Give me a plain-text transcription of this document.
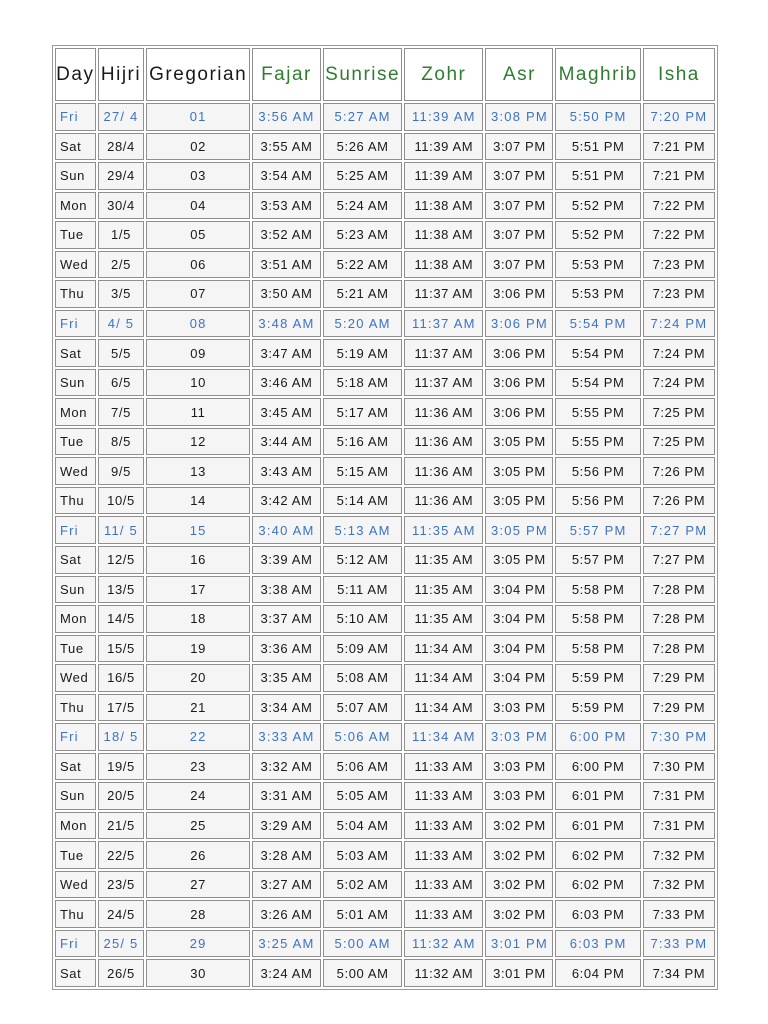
Day	Hijri	Gregorian	Fajar	Sunrise	Zohr	Asr	Maghrib	Isha
Fri	27/ 4	01	3:56 AM	5:27 AM	11:39 AM	3:08 PM	5:50 PM	7:20 PM
Sat	28/4	02	3:55 AM	5:26 AM	11:39 AM	3:07 PM	5:51 PM	7:21 PM
Sun	29/4	03	3:54 AM	5:25 AM	11:39 AM	3:07 PM	5:51 PM	7:21 PM
Mon	30/4	04	3:53 AM	5:24 AM	11:38 AM	3:07 PM	5:52 PM	7:22 PM
Tue	1/5	05	3:52 AM	5:23 AM	11:38 AM	3:07 PM	5:52 PM	7:22 PM
Wed	2/5	06	3:51 AM	5:22 AM	11:38 AM	3:07 PM	5:53 PM	7:23 PM
Thu	3/5	07	3:50 AM	5:21 AM	11:37 AM	3:06 PM	5:53 PM	7:23 PM
Fri	4/ 5	08	3:48 AM	5:20 AM	11:37 AM	3:06 PM	5:54 PM	7:24 PM
Sat	5/5	09	3:47 AM	5:19 AM	11:37 AM	3:06 PM	5:54 PM	7:24 PM
Sun	6/5	10	3:46 AM	5:18 AM	11:37 AM	3:06 PM	5:54 PM	7:24 PM
Mon	7/5	11	3:45 AM	5:17 AM	11:36 AM	3:06 PM	5:55 PM	7:25 PM
Tue	8/5	12	3:44 AM	5:16 AM	11:36 AM	3:05 PM	5:55 PM	7:25 PM
Wed	9/5	13	3:43 AM	5:15 AM	11:36 AM	3:05 PM	5:56 PM	7:26 PM
Thu	10/5	14	3:42 AM	5:14 AM	11:36 AM	3:05 PM	5:56 PM	7:26 PM
Fri	11/ 5	15	3:40 AM	5:13 AM	11:35 AM	3:05 PM	5:57 PM	7:27 PM
Sat	12/5	16	3:39 AM	5:12 AM	11:35 AM	3:05 PM	5:57 PM	7:27 PM
Sun	13/5	17	3:38 AM	5:11 AM	11:35 AM	3:04 PM	5:58 PM	7:28 PM
Mon	14/5	18	3:37 AM	5:10 AM	11:35 AM	3:04 PM	5:58 PM	7:28 PM
Tue	15/5	19	3:36 AM	5:09 AM	11:34 AM	3:04 PM	5:58 PM	7:28 PM
Wed	16/5	20	3:35 AM	5:08 AM	11:34 AM	3:04 PM	5:59 PM	7:29 PM
Thu	17/5	21	3:34 AM	5:07 AM	11:34 AM	3:03 PM	5:59 PM	7:29 PM
Fri	18/ 5	22	3:33 AM	5:06 AM	11:34 AM	3:03 PM	6:00 PM	7:30 PM
Sat	19/5	23	3:32 AM	5:06 AM	11:33 AM	3:03 PM	6:00 PM	7:30 PM
Sun	20/5	24	3:31 AM	5:05 AM	11:33 AM	3:03 PM	6:01 PM	7:31 PM
Mon	21/5	25	3:29 AM	5:04 AM	11:33 AM	3:02 PM	6:01 PM	7:31 PM
Tue	22/5	26	3:28 AM	5:03 AM	11:33 AM	3:02 PM	6:02 PM	7:32 PM
Wed	23/5	27	3:27 AM	5:02 AM	11:33 AM	3:02 PM	6:02 PM	7:32 PM
Thu	24/5	28	3:26 AM	5:01 AM	11:33 AM	3:02 PM	6:03 PM	7:33 PM
Fri	25/ 5	29	3:25 AM	5:00 AM	11:32 AM	3:01 PM	6:03 PM	7:33 PM
Sat	26/5	30	3:24 AM	5:00 AM	11:32 AM	3:01 PM	6:04 PM	7:34 PM
